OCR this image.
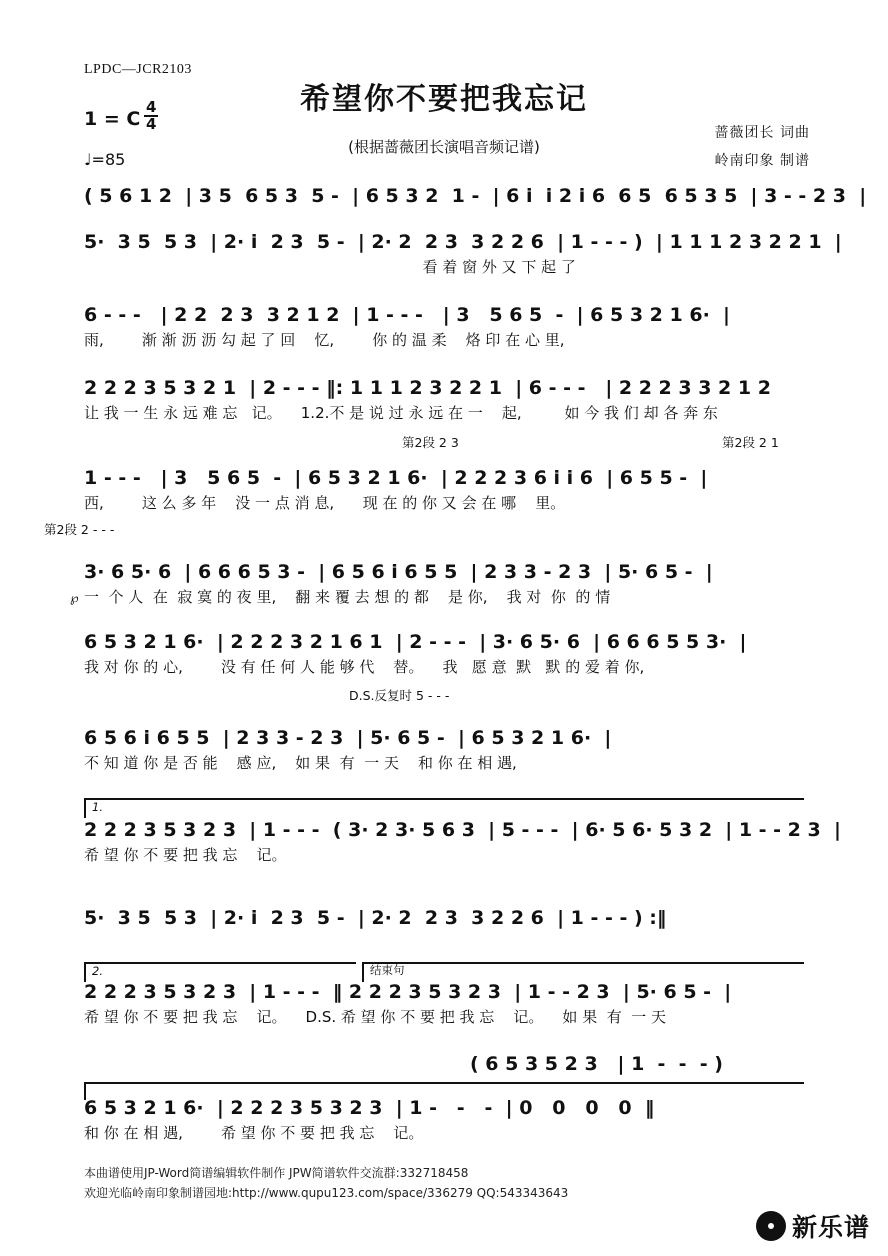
LPDC—JCR2103
希望你不要把我忘记
(根据蔷薇团长演唱音频记谱)
1 = C $\frac{4}{4}$
♩=85
蔷薇团长 词曲
岭南印象 制谱
( 5 6 1 2  | 3 5  6 5 3  5 -  | 6 5 3 2  1 -  | 6 i  i 2 i 6  6 5  6 5 3 5  | 3 - - 2 3  |
5·  3 5  5 3  | 2· i  2 3  5 -  | 2· 2  2 3  3 2 2 6  | 1 - - - )  | 1 1 1 2 3 2 2 1  |
看 着 窗 外 又 下 起 了
6 - - -   | 2 2  2 3  3 2 1 2  | 1 - - -   | 3   5 6 5  -  | 6 5 3 2 1 6·  |
雨,        渐 渐 沥 沥 勾 起 了 回    忆,        你 的 温 柔    烙 印 在 心 里,
2 2 2 3 5 3 2 1  | 2 - - - ‖: 1 1 1 2 3 2 2 1  | 6 - - -   | 2 2 2 3 3 2 1 2
让 我 一 生 永 远 难 忘   记。    1.2.不 是 说 过 永 远 在 一    起,         如 今 我 们 却 各 奔 东
第2段 2 3	第2段 2 1
1 - - -   | 3   5 6 5  -  | 6 5 3 2 1 6·  | 2 2 2 3 6 i i 6  | 6 5 5 -  |
西,        这 么 多 年    没 一 点 消 息,      现 在 的 你 又 会 在 哪    里。
第2段 2 - - -
3· 6 5· 6  | 6 6 6 5 3 -  | 6 5 6 i 6 5 5  | 2 3 3 - 2 3  | 5· 6 5 -  |
一  个 人  在  寂 寞 的 夜 里,    翻 来 覆 去 想 的 都    是 你,    我 对  你  的 情
℘
6 5 3 2 1 6·  | 2 2 2 3 2 1 6 1  | 2 - - -  | 3· 6 5· 6  | 6 6 6 5 5 3·  |
我 对 你 的 心,        没 有 任 何 人 能 够 代    替。    我   愿 意  默   默 的 爱 着 你,
D.S.反复时 5 - - -
6 5 6 i 6 5 5  | 2 3 3 - 2 3  | 5· 6 5 -  | 6 5 3 2 1 6·  |
不 知 道 你 是 否 能    感 应,    如 果  有  一 天    和 你 在 相 遇,
1.
2 2 2 3 5 3 2 3  | 1 - - -  ( 3· 2 3· 5 6 3  | 5 - - -  | 6· 5 6· 5 3 2  | 1 - - 2 3  |
希 望 你 不 要 把 我 忘    记。
5·  3 5  5 3  | 2· i  2 3  5 -  | 2· 2  2 3  3 2 2 6  | 1 - - - ) :‖
2.	结束句
2 2 2 3 5 3 2 3  | 1 - - -  ‖ 2 2 2 3 5 3 2 3  | 1 - - 2 3  | 5· 6 5 -  |
希 望 你 不 要 把 我 忘    记。    D.S. 希 望 你 不 要 把 我 忘    记。    如 果  有  一 天
( 6 5 3 5 2 3   | 1  -  -  - )
6 5 3 2 1 6·  | 2 2 2 3 5 3 2 3  | 1 -   -   -  | 0   0   0   0  ‖
和 你 在 相 遇,        希 望 你 不 要 把 我 忘    记。
本曲谱使用JP-Word简谱编辑软件制作 JPW简谱软件交流群:332718458
欢迎光临岭南印象制谱园地:http://www.qupu123.com/space/336279 QQ:543343643
新乐谱
